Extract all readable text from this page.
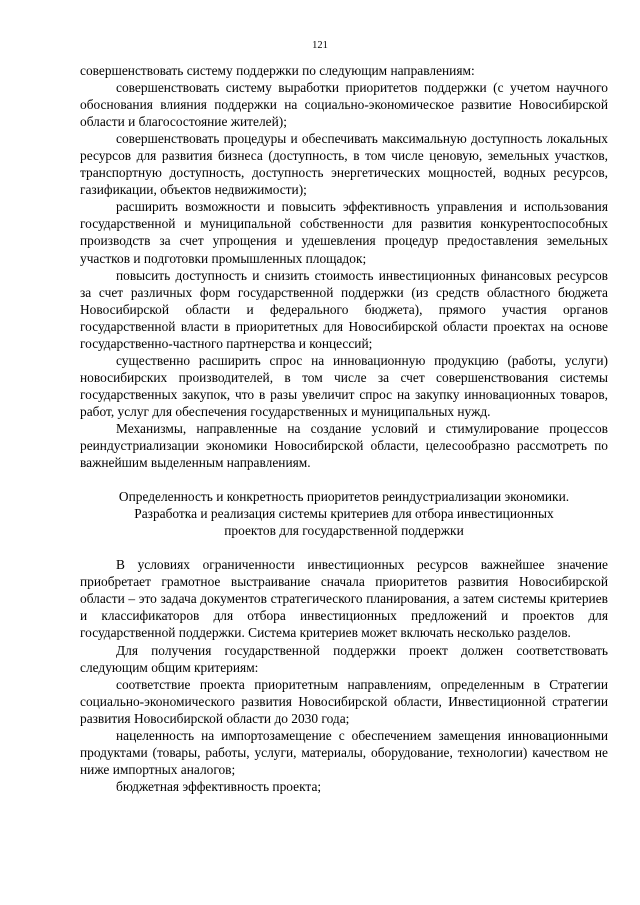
121

совершенствовать систему поддержки по следующим направлениям:

совершенствовать систему выработки приоритетов поддержки (с учетом научного обоснования влияния поддержки на социально-экономическое развитие Новосибирской области и благосостояние жителей);

совершенствовать процедуры и обеспечивать максимальную доступность локальных ресурсов для развития бизнеса (доступность, в том числе ценовую, земельных участков, транспортную доступность, доступность энергетических мощностей, водных ресурсов, газификации, объектов недвижимости);

расширить возможности и повысить эффективность управления и использования государственной и муниципальной собственности для развития конкурентоспособных производств за счет упрощения и удешевления процедур предоставления земельных участков и подготовки промышленных площадок;

повысить доступность и снизить стоимость инвестиционных финансовых ресурсов за счет различных форм государственной поддержки (из средств областного бюджета Новосибирской области и федерального бюджета), прямого участия органов государственной власти в приоритетных для Новосибирской области проектах на основе государственно-частного партнерства и концессий;

существенно расширить спрос на инновационную продукцию (работы, услуги) новосибирских производителей, в том числе за счет совершенствования системы государственных закупок, что в разы увеличит спрос на закупку инновационных товаров, работ, услуг для обеспечения государственных и муниципальных нужд.

Механизмы, направленные на создание условий и стимулирование процессов реиндустриализации экономики Новосибирской области, целесообразно рассмотреть по важнейшим выделенным направлениям.

Определенность и конкретность приоритетов реиндустриализации экономики.
Разработка и реализация системы критериев для отбора инвестиционных
проектов для государственной поддержки

В условиях ограниченности инвестиционных ресурсов важнейшее значение приобретает грамотное выстраивание сначала приоритетов развития Новосибирской области – это задача документов стратегического планирования, а затем системы критериев и классификаторов для отбора инвестиционных предложений и проектов для государственной поддержки. Система критериев может включать несколько разделов.

Для получения государственной поддержки проект должен соответствовать следующим общим критериям:

соответствие проекта приоритетным направлениям, определенным в Стратегии социально-экономического развития Новосибирской области, Инвестиционной стратегии развития Новосибирской области до 2030 года;

нацеленность на импортозамещение с обеспечением замещения инновационными продуктами (товары, работы, услуги, материалы, оборудование, технологии) качеством не ниже импортных аналогов;

бюджетная эффективность проекта;
